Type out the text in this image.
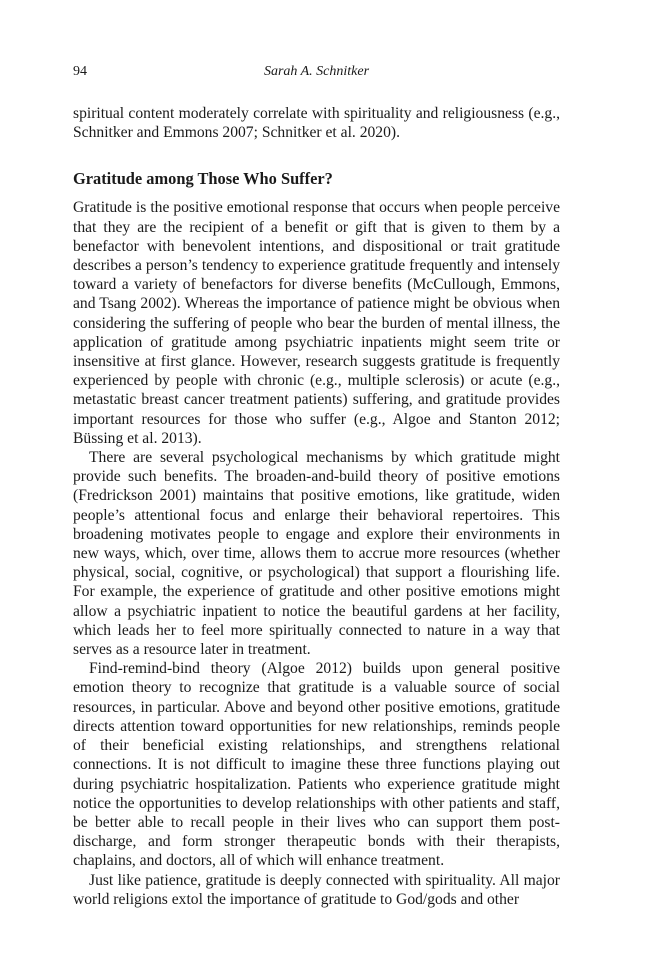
94	Sarah A. Schnitker

spiritual content moderately correlate with spirituality and religiousness (e.g., Schnitker and Emmons 2007; Schnitker et al. 2020).

Gratitude among Those Who Suffer?

Gratitude is the positive emotional response that occurs when people perceive that they are the recipient of a benefit or gift that is given to them by a benefactor with benevolent intentions, and dispositional or trait gratitude describes a person’s tendency to experience gratitude frequently and intensely toward a variety of benefactors for diverse benefits (McCullough, Emmons, and Tsang 2002). Whereas the importance of patience might be obvious when considering the suffering of people who bear the burden of mental illness, the application of gratitude among psychiatric inpatients might seem trite or insensitive at first glance. However, research suggests gratitude is frequently experienced by people with chronic (e.g., multiple sclerosis) or acute (e.g., metastatic breast cancer treatment patients) suffering, and gratitude provides important resources for those who suffer (e.g., Algoe and Stanton 2012; Büssing et al. 2013).

There are several psychological mechanisms by which gratitude might provide such benefits. The broaden-and-build theory of positive emotions (Fredrickson 2001) maintains that positive emotions, like gratitude, widen people’s attentional focus and enlarge their behavioral repertoires. This broadening motivates people to engage and explore their environments in new ways, which, over time, allows them to accrue more resources (whether physical, social, cognitive, or psychological) that support a flourishing life. For example, the experience of gratitude and other positive emotions might allow a psychiatric inpatient to notice the beautiful gardens at her facility, which leads her to feel more spiritually connected to nature in a way that serves as a resource later in treatment.

Find-remind-bind theory (Algoe 2012) builds upon general positive emotion theory to recognize that gratitude is a valuable source of social resources, in particular. Above and beyond other positive emotions, gratitude directs attention toward opportunities for new relationships, reminds people of their beneficial existing relationships, and strengthens relational connections. It is not difficult to imagine these three functions playing out during psychiatric hospitalization. Patients who experience gratitude might notice the opportunities to develop relationships with other patients and staff, be better able to recall people in their lives who can support them post-discharge, and form stronger therapeutic bonds with their therapists, chaplains, and doctors, all of which will enhance treatment.

Just like patience, gratitude is deeply connected with spirituality. All major world religions extol the importance of gratitude to God/gods and other
